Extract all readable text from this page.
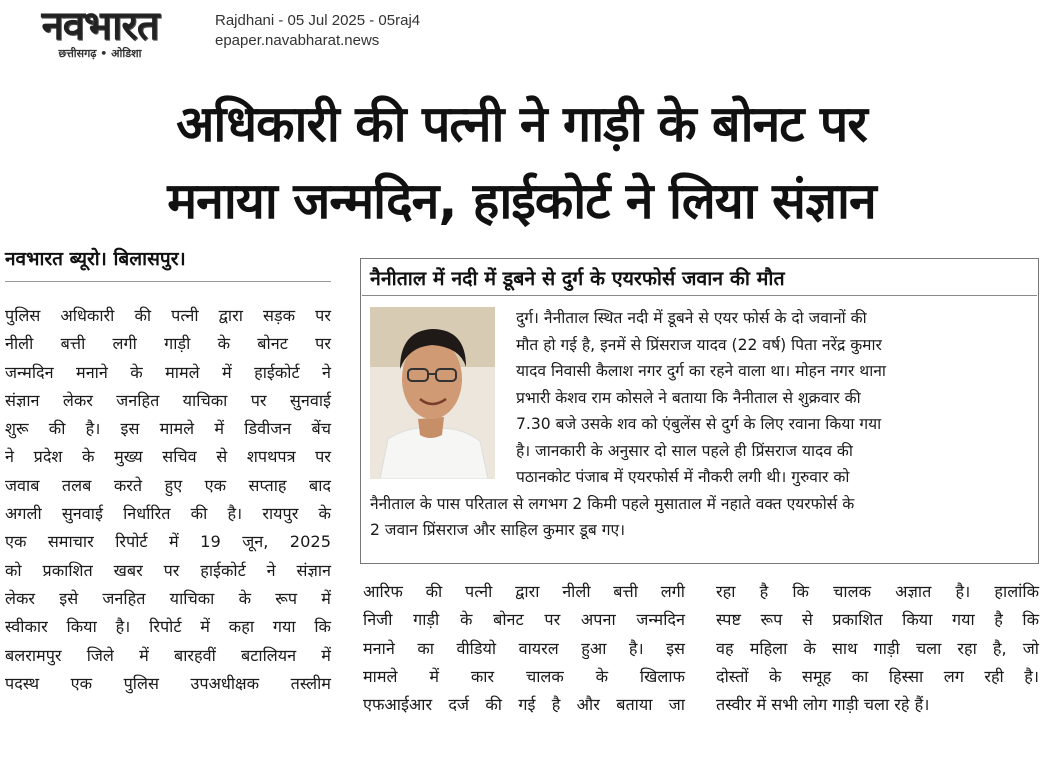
नवभारत
छत्तीसगढ़ • ओडिशा
Rajdhani - 05 Jul 2025 - 05raj4
epaper.navabharat.news
अधिकारी की पत्नी ने गाड़ी के बोनट पर
मनाया जन्मदिन, हाईकोर्ट ने लिया संज्ञान
नवभारत ब्यूरो। बिलासपुर।
पुलिस अधिकारी की पत्नी द्वारा सड़क पर
नीली बत्ती लगी गाड़ी के बोनट पर
जन्मदिन मनाने के मामले में हाईकोर्ट ने
संज्ञान लेकर जनहित याचिका पर सुनवाई
शुरू की है। इस मामले में डिवीजन बेंच
ने प्रदेश के मुख्य सचिव से शपथपत्र पर
जवाब तलब करते हुए एक सप्ताह बाद
अगली सुनवाई निर्धारित की है। रायपुर के
एक समाचार रिपोर्ट में 19 जून, 2025
को प्रकाशित खबर पर हाईकोर्ट ने संज्ञान
लेकर इसे जनहित याचिका के रूप में
स्वीकार किया है। रिपोर्ट में कहा गया कि
बलरामपुर जिले में बारहवीं बटालियन में
पदस्थ एक पुलिस उपअधीक्षक तस्लीम
नैनीताल में नदी में डूबने से दुर्ग के एयरफोर्स जवान की मौत
दुर्ग। नैनीताल स्थित नदी में डूबने से एयर फोर्स के दो जवानों की
मौत हो गई है, इनमें से प्रिंसराज यादव (22 वर्ष) पिता नरेंद्र कुमार
यादव निवासी कैलाश नगर दुर्ग का रहने वाला था। मोहन नगर थाना
प्रभारी केशव राम कोसले ने बताया कि नैनीताल से शुक्रवार की
7.30 बजे उसके शव को एंबुलेंस से दुर्ग के लिए रवाना किया गया
है। जानकारी के अनुसार दो साल पहले ही प्रिंसराज यादव की
पठानकोट पंजाब में एयरफोर्स में नौकरी लगी थी। गुरुवार को
नैनीताल के पास परिताल से लगभग 2 किमी पहले मुसाताल में नहाते वक्त एयरफोर्स के
2 जवान प्रिंसराज और साहिल कुमार डूब गए।
आरिफ की पत्नी द्वारा नीली बत्ती लगी
निजी गाड़ी के बोनट पर अपना जन्मदिन
मनाने का वीडियो वायरल हुआ है। इस
मामले में कार चालक के खिलाफ
एफआईआर दर्ज की गई है और बताया जा
रहा है कि चालक अज्ञात है। हालांकि
स्पष्ट रूप से प्रकाशित किया गया है कि
वह महिला के साथ गाड़ी चला रहा है, जो
दोस्तों के समूह का हिस्सा लग रही है।
तस्वीर में सभी लोग गाड़ी चला रहे हैं।
